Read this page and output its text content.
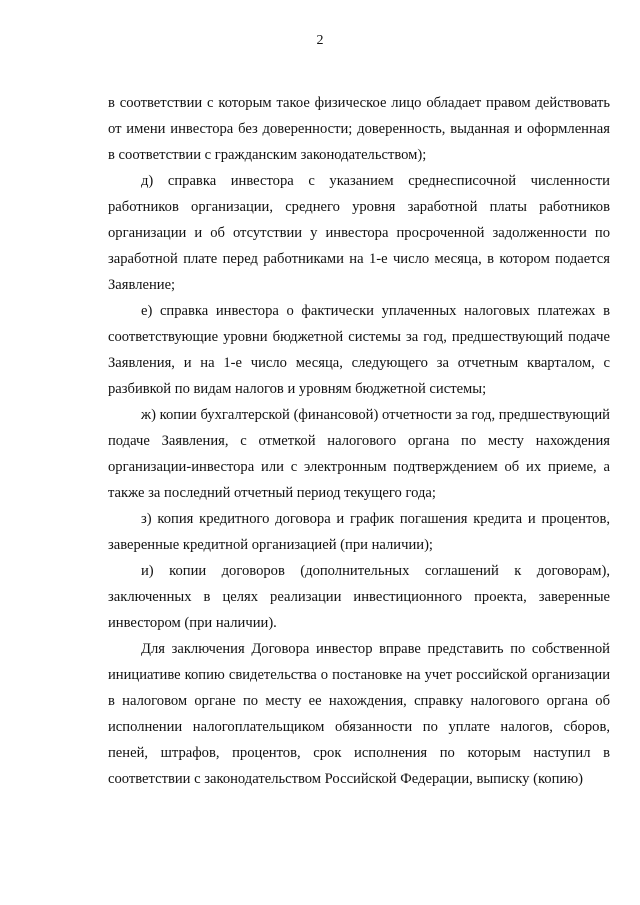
2

в соответствии с которым такое физическое лицо обладает правом действовать от имени инвестора без доверенности; доверенность, выданная и оформленная в соответствии с гражданским законодательством);

д) справка инвестора с указанием среднесписочной численности работников организации, среднего уровня заработной платы работников организации и об отсутствии у инвестора просроченной задолженности по заработной плате перед работниками на 1-е число месяца, в котором подается Заявление;

е) справка инвестора о фактически уплаченных налоговых платежах в соответствующие уровни бюджетной системы за год, предшествующий подаче Заявления, и на 1-е число месяца, следующего за отчетным кварталом, с разбивкой по видам налогов и уровням бюджетной системы;

ж) копии бухгалтерской (финансовой) отчетности за год, предшествующий подаче Заявления, с отметкой налогового органа по месту нахождения организации-инвестора или с электронным подтверждением об их приеме, а также за последний отчетный период текущего года;

з) копия кредитного договора и график погашения кредита и процентов, заверенные кредитной организацией (при наличии);

и) копии договоров (дополнительных соглашений к договорам), заключенных в целях реализации инвестиционного проекта, заверенные инвестором (при наличии).

Для заключения Договора инвестор вправе представить по собственной инициативе копию свидетельства о постановке на учет российской организации в налоговом органе по месту ее нахождения, справку налогового органа об исполнении налогоплательщиком обязанности по уплате налогов, сборов, пеней, штрафов, процентов, срок исполнения по которым наступил в соответствии с законодательством Российской Федерации, выписку (копию)
